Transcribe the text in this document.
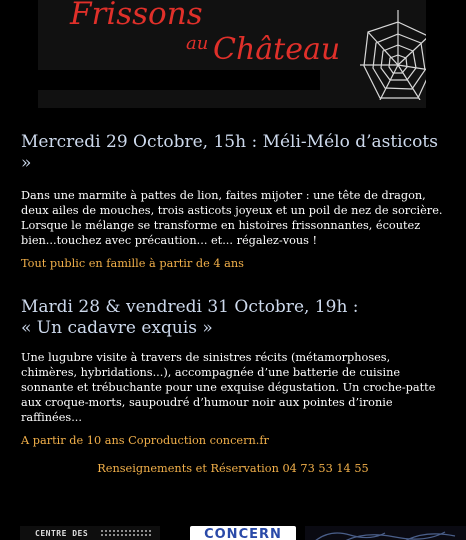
Frissons
au Château
Mercredi 29 Octobre, 15h : Méli-Mélo d’asticots »

Dans une marmite à pattes de lion, faites mijoter : une tête de dragon, deux ailes de mouches, trois asticots joyeux et un poil de nez de sorcière. Lorsque le mélange se transforme en histoires frissonnantes, écoutez bien...touchez avec précaution... et... régalez-vous !

Tout public en famille à partir de 4 ans

Mardi 28 & vendredi 31 Octobre, 19h :
« Un cadavre exquis »

Une lugubre visite à travers de sinistres récits (métamorphoses, chimères, hybridations...), accompagnée d’une batterie de cuisine sonnante et trébuchante pour une exquise dégustation. Un croche-patte aux croque-morts, saupoudré d’humour noir aux pointes d’ironie raffinées...

A partir de 10 ans Coproduction concern.fr

Renseignements et Réservation 04 73 53 14 55
CENTRE DES	CONCERN
